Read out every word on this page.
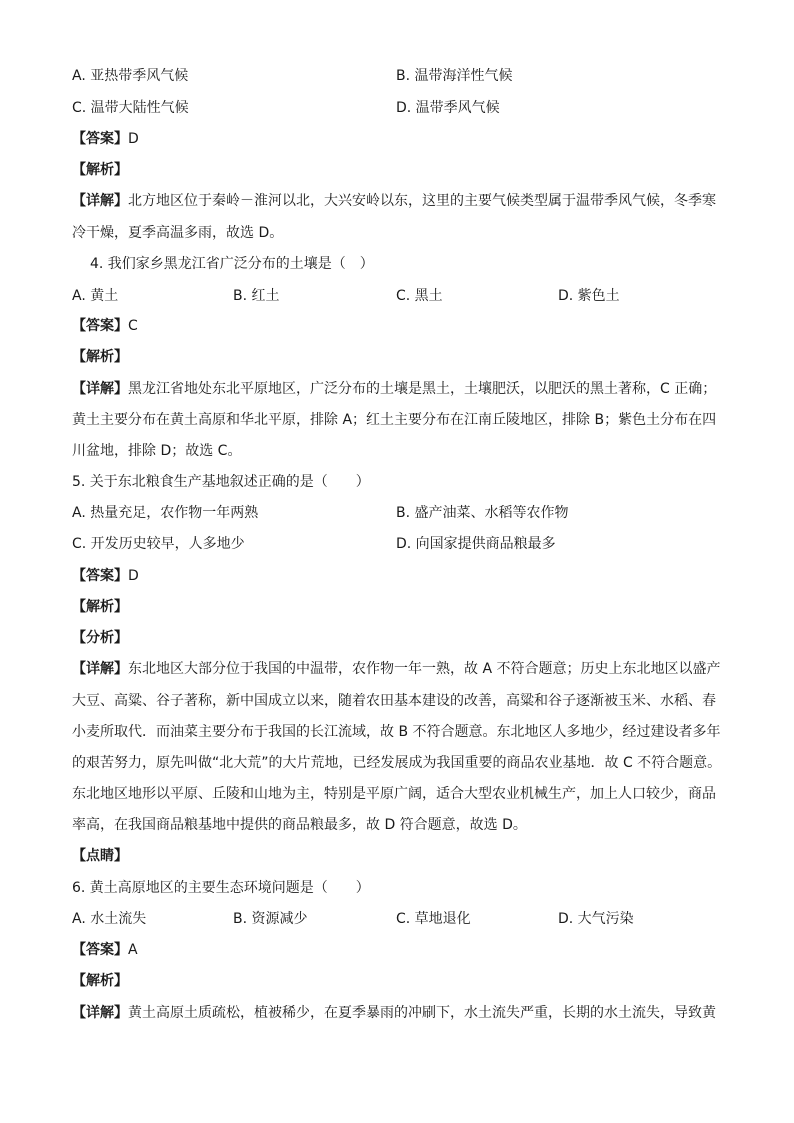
A. 亚热带季风气候	B. 温带海洋性气候
C. 温带大陆性气候	D. 温带季风气候
【答案】D
【解析】
【详解】北方地区位于秦岭－淮河以北，大兴安岭以东，这里的主要气候类型属于温带季风气候，冬季寒
冷干燥，夏季高温多雨，故选 D。
4. 我们家乡黑龙江省广泛分布的土壤是（　）
A. 黄土	B. 红土	C. 黑土	D. 紫色土
【答案】C
【解析】
【详解】黑龙江省地处东北平原地区，广泛分布的土壤是黑土，土壤肥沃，以肥沃的黑土著称，C 正确；
黄土主要分布在黄土高原和华北平原，排除 A；红土主要分布在江南丘陵地区，排除 B；紫色土分布在四
川盆地，排除 D；故选 C。
5. 关于东北粮食生产基地叙述正确的是（　　）
A. 热量充足，农作物一年两熟	B. 盛产油菜、水稻等农作物
C. 开发历史较早，人多地少	D. 向国家提供商品粮最多
【答案】D
【解析】
【分析】
【详解】东北地区大部分位于我国的中温带，农作物一年一熟，故 A 不符合题意；历史上东北地区以盛产
大豆、高粱、谷子著称，新中国成立以来，随着农田基本建设的改善，高粱和谷子逐渐被玉米、水稻、春
小麦所取代．而油菜主要分布于我国的长江流域，故 B 不符合题意。东北地区人多地少，经过建设者多年
的艰苦努力，原先叫做“北大荒”的大片荒地，已经发展成为我国重要的商品农业基地．故 C 不符合题意。
东北地区地形以平原、丘陵和山地为主，特别是平原广阔，适合大型农业机械生产，加上人口较少，商品
率高，在我国商品粮基地中提供的商品粮最多，故 D 符合题意，故选 D。
【点睛】
6. 黄土高原地区的主要生态环境问题是（　　）
A. 水土流失	B. 资源减少	C. 草地退化	D. 大气污染
【答案】A
【解析】
【详解】黄土高原土质疏松，植被稀少，在夏季暴雨的冲刷下，水土流失严重，长期的水土流失，导致黄
